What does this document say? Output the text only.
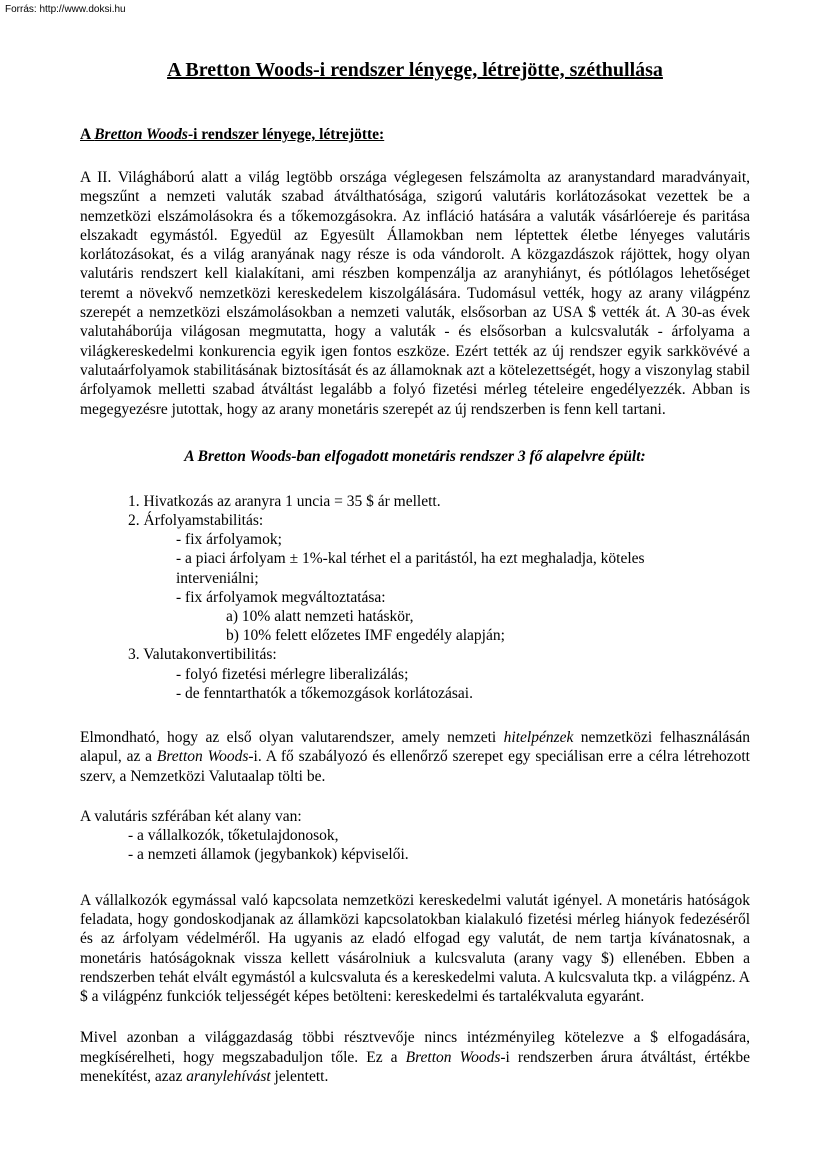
Forrás: http://www.doksi.hu
A Bretton Woods-i rendszer lényege, létrejötte, széthullása
A Bretton Woods-i rendszer lényege, létrejötte:

A II. Világháború alatt a világ legtöbb országa véglegesen felszámolta az aranystandard maradványait, megszűnt a nemzeti valuták szabad átválthatósága, szigorú valutáris korlátozásokat vezettek be a nemzetközi elszámolásokra és a tőkemozgásokra. Az infláció hatására a valuták vásárlóereje és paritása elszakadt egymástól. Egyedül az Egyesült Államokban nem léptettek életbe lényeges valutáris korlátozásokat, és a világ aranyának nagy része is oda vándorolt. A közgazdászok rájöttek, hogy olyan valutáris rendszert kell kialakítani, ami részben kompenzálja az aranyhiányt, és pótlólagos lehetőséget teremt a növekvő nemzetközi kereskedelem kiszolgálására. Tudomásul vették, hogy az arany világpénz szerepét a nemzetközi elszámolásokban a nemzeti valuták, elsősorban az USA $ vették át. A 30-as évek valutaháborúja világosan megmutatta, hogy a valuták - és elsősorban a kulcsvaluták - árfolyama a világkereskedelmi konkurencia egyik igen fontos eszköze. Ezért tették az új rendszer egyik sarkkövévé a valutaárfolyamok stabilitásának biztosítását és az államoknak azt a kötelezettségét, hogy a viszonylag stabil árfolyamok melletti szabad átváltást legalább a folyó fizetési mérleg tételeire engedélyezzék. Abban is megegyezésre jutottak, hogy az arany monetáris szerepét az új rendszerben is fenn kell tartani.

A Bretton Woods-ban elfogadott monetáris rendszer 3 fő alapelvre épült:
1. Hivatkozás az aranyra 1 uncia = 35 $ ár mellett.
2. Árfolyamstabilitás:
- fix árfolyamok;
- a piaci árfolyam ± 1%-kal térhet el a paritástól, ha ezt meghaladja, köteles
interveniálni;
- fix árfolyamok megváltoztatása:
a) 10% alatt nemzeti hatáskör,
b) 10% felett előzetes IMF engedély alapján;
3. Valutakonvertibilitás:
- folyó fizetési mérlegre liberalizálás;
- de fenntarthatók a tőkemozgások korlátozásai.

Elmondható, hogy az első olyan valutarendszer, amely nemzeti hitelpénzek nemzetközi felhasználásán alapul, az a Bretton Woods-i. A fő szabályozó és ellenőrző szerepet egy speciálisan erre a célra létrehozott szerv, a Nemzetközi Valutaalap tölti be.

A valutáris szférában két alany van:

- a vállalkozók, tőketulajdonosok,
- a nemzeti államok (jegybankok) képviselői.

A vállalkozók egymással való kapcsolata nemzetközi kereskedelmi valutát igényel. A monetáris hatóságok feladata, hogy gondoskodjanak az államközi kapcsolatokban kialakuló fizetési mérleg hiányok fedezéséről és az árfolyam védelméről. Ha ugyanis az eladó elfogad egy valutát, de nem tartja kívánatosnak, a monetáris hatóságoknak vissza kellett vásárolniuk a kulcsvaluta (arany vagy $) ellenében. Ebben a rendszerben tehát elvált egymástól a kulcsvaluta és a kereskedelmi valuta. A kulcsvaluta tkp. a világpénz. A $ a világpénz funkciók teljességét képes betölteni: kereskedelmi és tartalékvaluta egyaránt.

Mivel azonban a világgazdaság többi résztvevője nincs intézményileg kötelezve a $ elfogadására, megkísérelheti, hogy megszabaduljon tőle. Ez a Bretton Woods-i rendszerben árura átváltást, értékbe menekítést, azaz aranylehívást jelentett.
